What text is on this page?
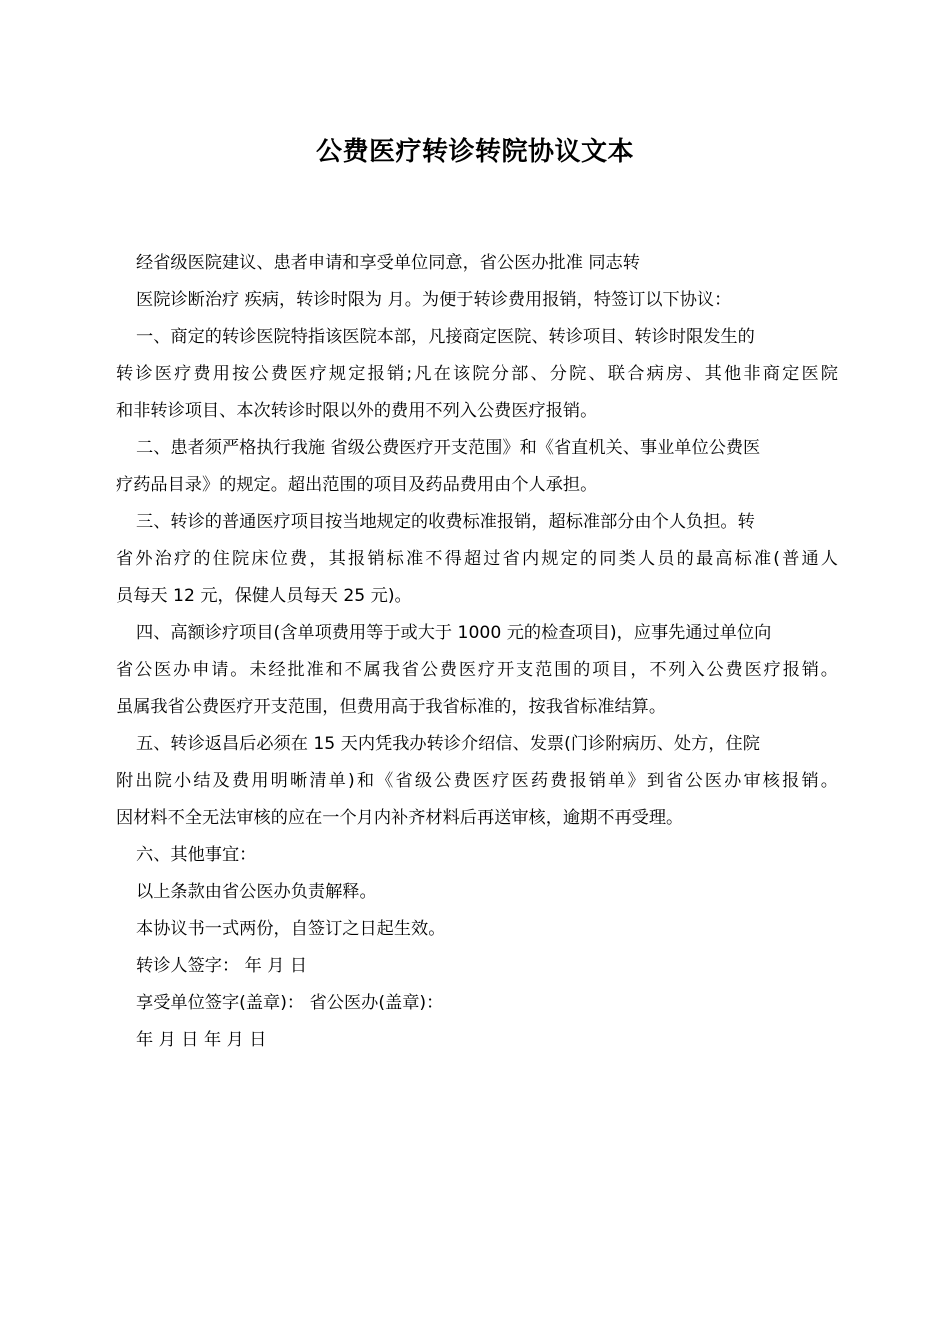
公费医疗转诊转院协议文本
经省级医院建议、患者申请和享受单位同意，省公医办批准 同志转
医院诊断治疗 疾病，转诊时限为 月。为便于转诊费用报销，特签订以下协议：
一、商定的转诊医院特指该医院本部，凡接商定医院、转诊项目、转诊时限发生的
转诊医疗费用按公费医疗规定报销;凡在该院分部、分院、联合病房、其他非商定医院
和非转诊项目、本次转诊时限以外的费用不列入公费医疗报销。
二、患者须严格执行我施 省级公费医疗开支范围》和《省直机关、事业单位公费医
疗药品目录》的规定。超出范围的项目及药品费用由个人承担。
三、转诊的普通医疗项目按当地规定的收费标准报销，超标准部分由个人负担。转
省外治疗的住院床位费，其报销标准不得超过省内规定的同类人员的最高标准(普通人
员每天 12 元，保健人员每天 25 元)。
四、高额诊疗项目(含单项费用等于或大于 1000 元的检查项目)，应事先通过单位向
省公医办申请。未经批准和不属我省公费医疗开支范围的项目，不列入公费医疗报销。
虽属我省公费医疗开支范围，但费用高于我省标准的，按我省标准结算。
五、转诊返昌后必须在 15 天内凭我办转诊介绍信、发票(门诊附病历、处方，住院
附出院小结及费用明晰清单)和《省级公费医疗医药费报销单》到省公医办审核报销。
因材料不全无法审核的应在一个月内补齐材料后再送审核，逾期不再受理。
六、其他事宜：
以上条款由省公医办负责解释。
本协议书一式两份，自签订之日起生效。
转诊人签字： 年 月 日
享受单位签字(盖章)： 省公医办(盖章)：
年 月 日 年 月 日
